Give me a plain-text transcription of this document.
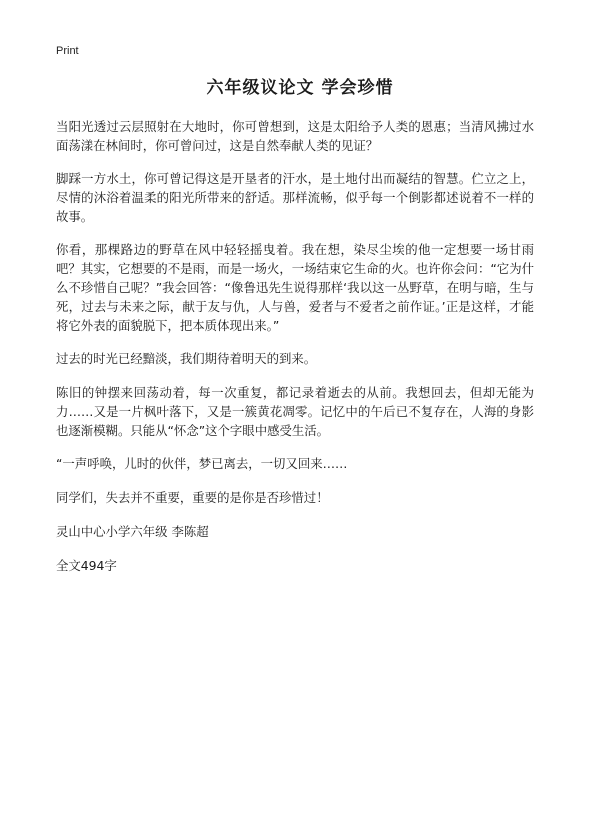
Print
六年级议论文 学会珍惜

当阳光透过云层照射在大地时，你可曾想到，这是太阳给予人类的恩惠；当清风拂过水面荡漾在林间时，你可曾问过，这是自然奉献人类的见证？

脚踩一方水土，你可曾记得这是开垦者的汗水，是土地付出而凝结的智慧。伫立之上，尽情的沐浴着温柔的阳光所带来的舒适。那样流畅，似乎每一个倒影都述说着不一样的故事。

你看，那棵路边的野草在风中轻轻摇曳着。我在想，染尽尘埃的他一定想要一场甘雨吧？其实，它想要的不是雨，而是一场火，一场结束它生命的火。也许你会问：“它为什么不珍惜自己呢？”我会回答：“像鲁迅先生说得那样‘我以这一丛野草，在明与暗，生与死，过去与未来之际，献于友与仇，人与兽，爱者与不爱者之前作证。’正是这样，才能将它外表的面貌脱下，把本质体现出来。”

过去的时光已经黯淡，我们期待着明天的到来。

陈旧的钟摆来回荡动着，每一次重复，都记录着逝去的从前。我想回去，但却无能为力……又是一片枫叶落下，又是一簇黄花凋零。记忆中的午后已不复存在，人海的身影也逐渐模糊。只能从“怀念”这个字眼中感受生活。

“一声呼唤，儿时的伙伴，梦已离去，一切又回来……

同学们，失去并不重要，重要的是你是否珍惜过！

灵山中心小学六年级 李陈超

全文494字
